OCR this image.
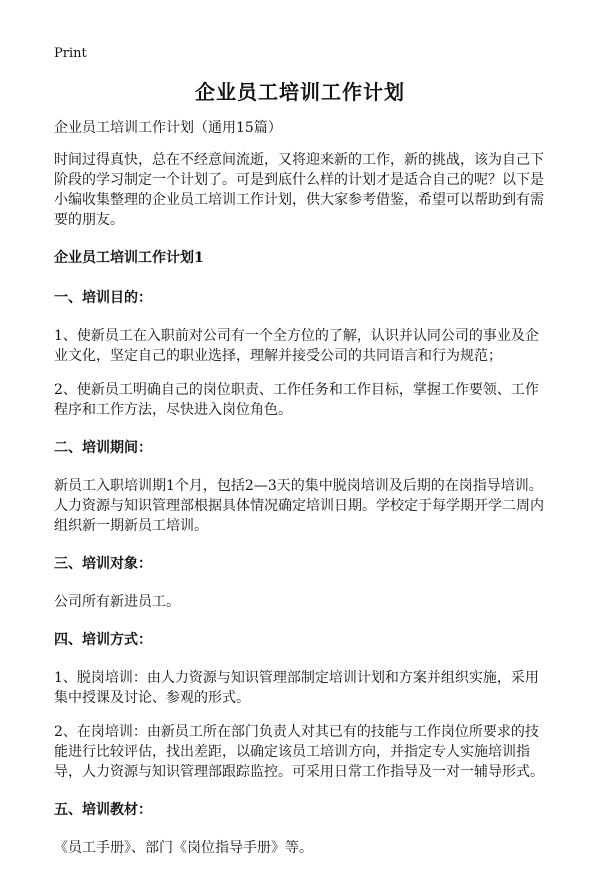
Print
企业员工培训工作计划

企业员工培训工作计划（通用15篇）

时间过得真快，总在不经意间流逝，又将迎来新的工作，新的挑战，该为自己下阶段的学习制定一个计划了。可是到底什么样的计划才是适合自己的呢？以下是小编收集整理的企业员工培训工作计划，供大家参考借鉴，希望可以帮助到有需要的朋友。

企业员工培训工作计划1

一、培训目的：

1、使新员工在入职前对公司有一个全方位的了解，认识并认同公司的事业及企业文化，坚定自己的职业选择，理解并接受公司的共同语言和行为规范；

2、使新员工明确自己的岗位职责、工作任务和工作目标，掌握工作要领、工作程序和工作方法，尽快进入岗位角色。

二、培训期间：

新员工入职培训期1个月，包括2—3天的集中脱岗培训及后期的在岗指导培训。人力资源与知识管理部根据具体情况确定培训日期。学校定于每学期开学二周内组织新一期新员工培训。

三、培训对象：

公司所有新进员工。

四、培训方式：

1、脱岗培训：由人力资源与知识管理部制定培训计划和方案并组织实施，采用集中授课及讨论、参观的形式。

2、在岗培训：由新员工所在部门负责人对其已有的技能与工作岗位所要求的技能进行比较评估，找出差距，以确定该员工培训方向，并指定专人实施培训指导，人力资源与知识管理部跟踪监控。可采用日常工作指导及一对一辅导形式。

五、培训教材：

《员工手册》、部门《岗位指导手册》等。
